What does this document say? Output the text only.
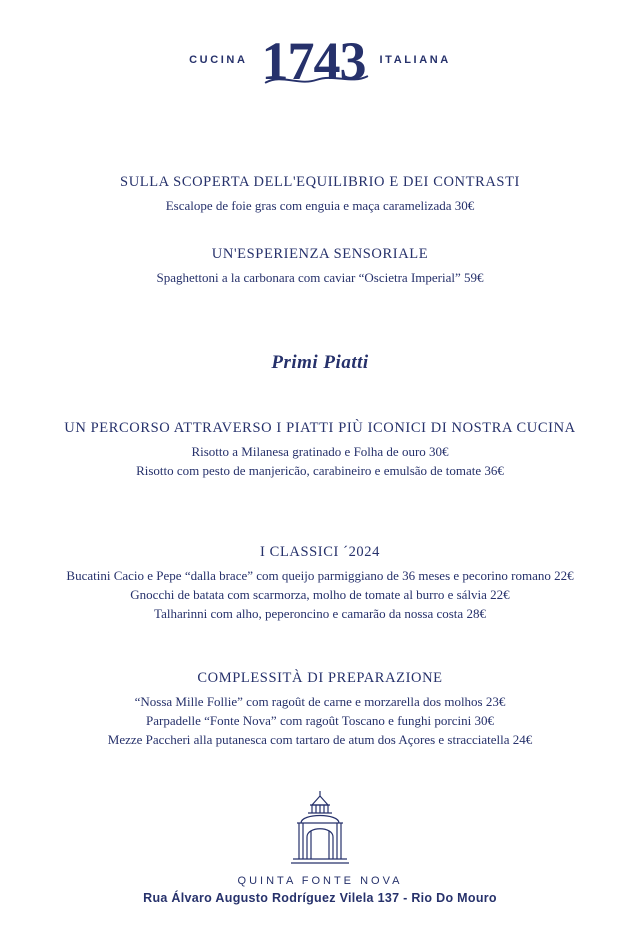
CUCINA 1743 ITALIANA

SULLA SCOPERTA DELL'EQUILIBRIO E DEI CONTRASTI

Escalope de foie gras com enguia e maça caramelizada 30€

UN'ESPERIENZA SENSORIALE

Spaghettoni a la carbonara com caviar “Oscietra Imperial” 59€

Primi Piatti

UN PERCORSO ATTRAVERSO I PIATTI PIÙ ICONICI DI NOSTRA CUCINA

Risotto a Milanesa gratinado e Folha de ouro 30€

Risotto com pesto de manjericão, carabineiro e emulsão de tomate 36€

I CLASSICI ´2024

Bucatini Cacio e Pepe “dalla brace” com queijo parmiggiano de 36 meses e pecorino romano 22€

Gnocchi de batata com scarmorza, molho de tomate al burro e sálvia 22€

Talharinni com alho, peperoncino e camarão da nossa costa 28€

COMPLESSITÀ DI PREPARAZIONE

“Nossa Mille Follie” com ragoût de carne e morzarella dos molhos 23€

Parpadelle “Fonte Nova” com ragoût Toscano e funghi porcini 30€

Mezze Paccheri alla putanesca com tartaro de atum dos Açores e stracciatella 24€

QUINTA FONTE NOVA
Rua Álvaro Augusto Rodríguez Vilela 137 - Rio Do Mouro
